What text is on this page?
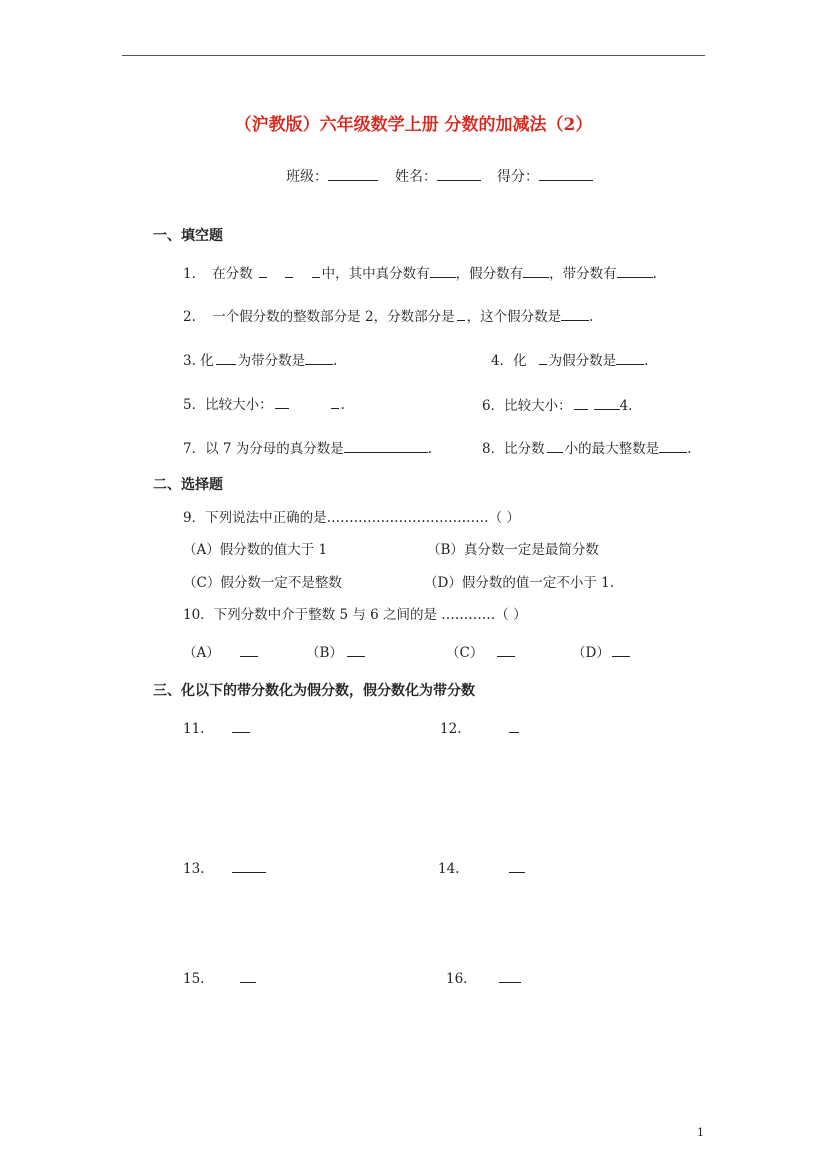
（沪教版）六年级数学上册 分数的加减法（2）
班级：	姓名：	得分：
一、填空题
1. 在分数	中，其中真分数有 ，假分数有 ，带分数有	.
2. 一个假分数的整数部分是 2，分数部分是 ，这个假分数是 .
3. 化 为带分数是 .	4．化 为假分数是 .
5．比较大小：	.	6．比较大小：	4.
7．以 7 为分母的真分数是	.	8．比分数 小的最大整数是 .
二、选择题
9．下列说法中正确的是………………………………（ ）
（A）假分数的值大于 1	（B）真分数一定是最简分数
（C）假分数一定不是整数	（D）假分数的值一定不小于 1.
10．下列分数中介于整数 5 与 6 之间的是 …………（ ）
（A）	（B）	（C）	（D）
三、化以下的带分数化为假分数，假分数化为带分数
11.	12.
13.	14.
15.	16.
1
